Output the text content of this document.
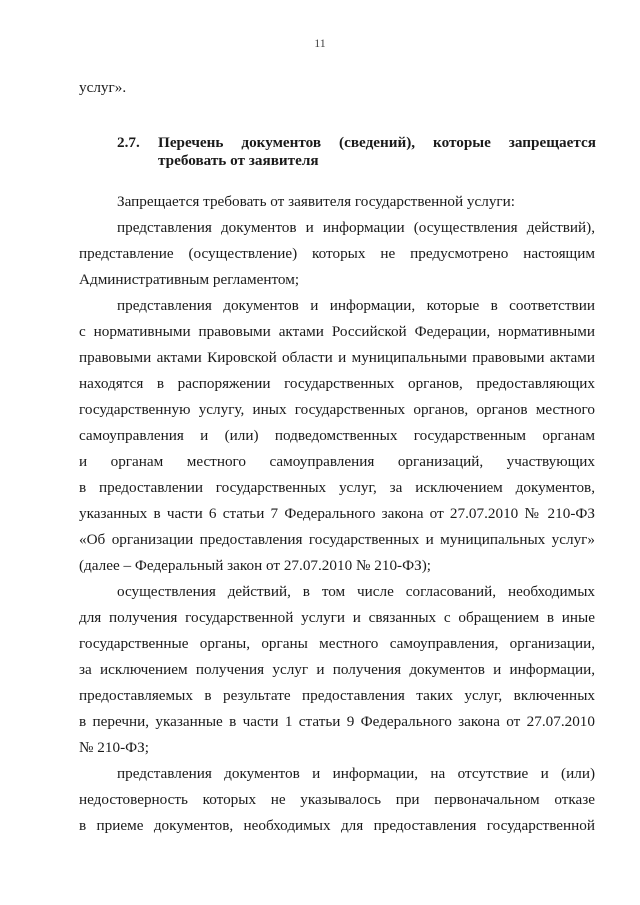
11
услуг».
2.7. Перечень документов (сведений), которые запрещается
требовать от заявителя
Запрещается требовать от заявителя государственной услуги:
представления документов и информации (осуществления действий),
представление (осуществление) которых не предусмотрено настоящим
Административным регламентом;
представления документов и информации, которые в соответствии
с нормативными правовыми актами Российской Федерации, нормативными
правовыми актами Кировской области и муниципальными правовыми актами
находятся в распоряжении государственных органов, предоставляющих
государственную услугу, иных государственных органов, органов местного
самоуправления и (или) подведомственных государственным органам
и органам местного самоуправления организаций, участвующих
в предоставлении государственных услуг, за исключением документов,
указанных в части 6 статьи 7 Федерального закона от 27.07.2010 № 210-ФЗ
«Об организации предоставления государственных и муниципальных услуг»
(далее – Федеральный закон от 27.07.2010 № 210-ФЗ);
осуществления действий, в том числе согласований, необходимых
для получения государственной услуги и связанных с обращением в иные
государственные органы, органы местного самоуправления, организации,
за исключением получения услуг и получения документов и информации,
предоставляемых в результате предоставления таких услуг, включенных
в перечни, указанные в части 1 статьи 9 Федерального закона от 27.07.2010
№ 210-ФЗ;
представления документов и информации, на отсутствие и (или)
недостоверность которых не указывалось при первоначальном отказе
в приеме документов, необходимых для предоставления государственной
